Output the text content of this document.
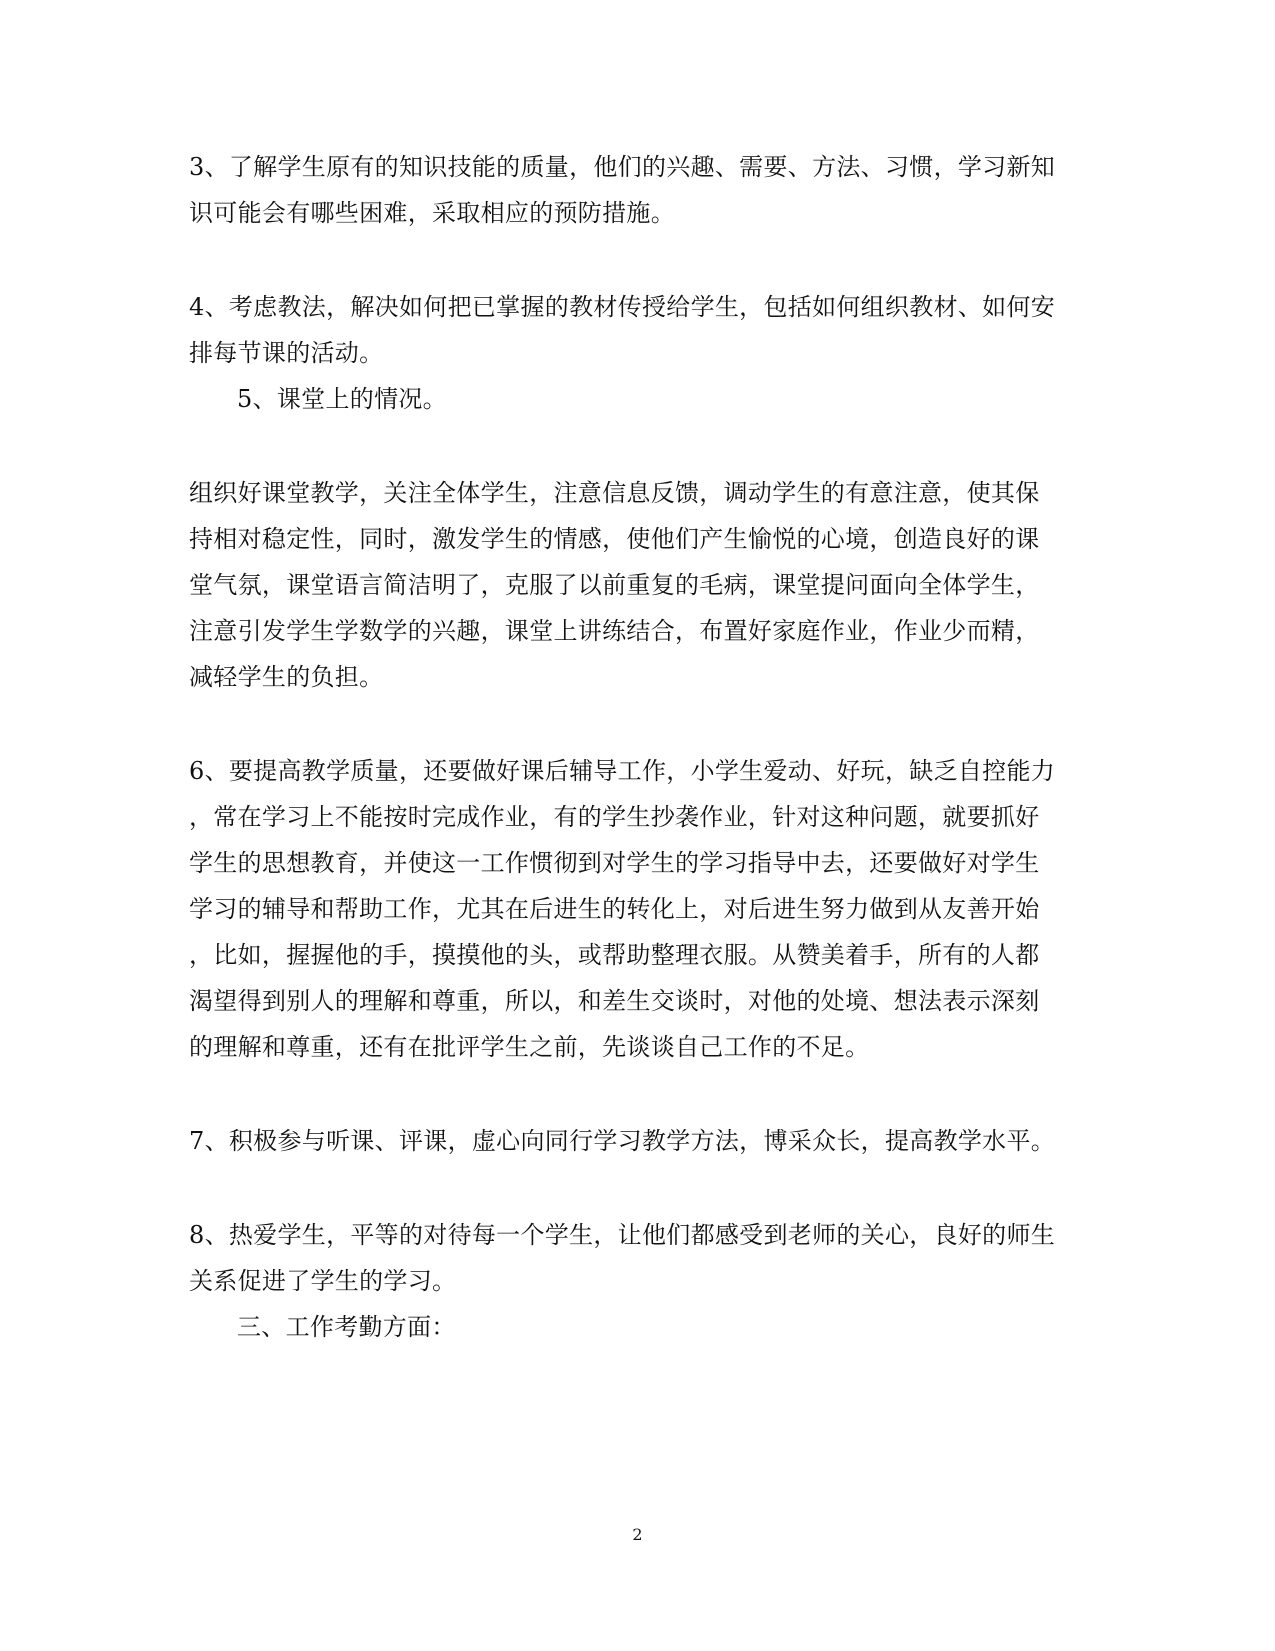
3、了解学生原有的知识技能的质量，他们的兴趣、需要、方法、习惯，学习新知
识可能会有哪些困难，采取相应的预防措施。
4、考虑教法，解决如何把已掌握的教材传授给学生，包括如何组织教材、如何安
排每节课的活动。
5、课堂上的情况。
组织好课堂教学，关注全体学生，注意信息反馈，调动学生的有意注意，使其保
持相对稳定性，同时，激发学生的情感，使他们产生愉悦的心境，创造良好的课
堂气氛，课堂语言简洁明了，克服了以前重复的毛病，课堂提问面向全体学生，
注意引发学生学数学的兴趣，课堂上讲练结合，布置好家庭作业，作业少而精，
减轻学生的负担。
6、要提高教学质量，还要做好课后辅导工作，小学生爱动、好玩，缺乏自控能力
，常在学习上不能按时完成作业，有的学生抄袭作业，针对这种问题，就要抓好
学生的思想教育，并使这一工作惯彻到对学生的学习指导中去，还要做好对学生
学习的辅导和帮助工作，尤其在后进生的转化上，对后进生努力做到从友善开始
，比如，握握他的手，摸摸他的头，或帮助整理衣服。从赞美着手，所有的人都
渴望得到别人的理解和尊重，所以，和差生交谈时，对他的处境、想法表示深刻
的理解和尊重，还有在批评学生之前，先谈谈自己工作的不足。
7、积极参与听课、评课，虚心向同行学习教学方法，博采众长，提高教学水平。
8、热爱学生，平等的对待每一个学生，让他们都感受到老师的关心，良好的师生
关系促进了学生的学习。
三、工作考勤方面：
2
